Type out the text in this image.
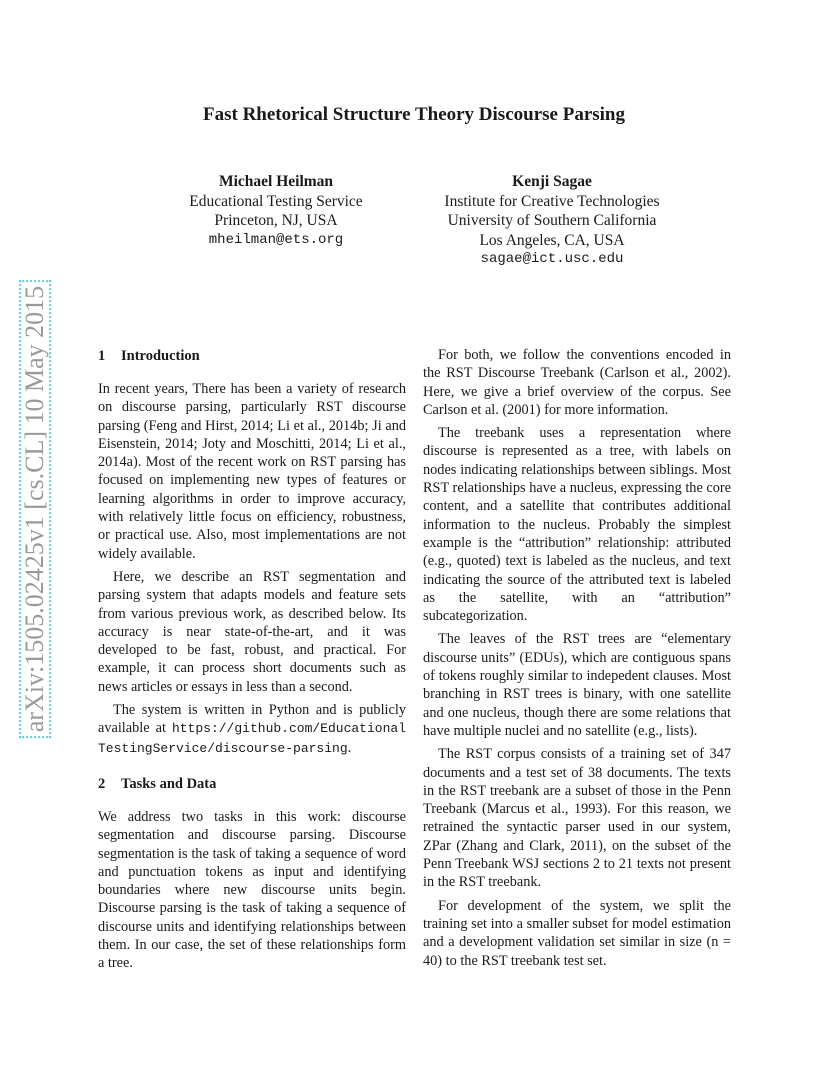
arXiv:1505.02425v1 [cs.CL] 10 May 2015
Fast Rhetorical Structure Theory Discourse Parsing
Michael Heilman
Educational Testing Service
Princeton, NJ, USA
mheilman@ets.org
Kenji Sagae
Institute for Creative Technologies
University of Southern California
Los Angeles, CA, USA
sagae@ict.usc.edu
1 Introduction

In recent years, There has been a variety of research on discourse parsing, particularly RST discourse parsing (Feng and Hirst, 2014; Li et al., 2014b; Ji and Eisenstein, 2014; Joty and Moschitti, 2014; Li et al., 2014a). Most of the recent work on RST parsing has focused on implementing new types of features or learning algorithms in order to improve accuracy, with relatively little focus on efficiency, robustness, or practical use. Also, most implementations are not widely available.

Here, we describe an RST segmentation and parsing system that adapts models and feature sets from various previous work, as described below. Its accuracy is near state-of-the-art, and it was developed to be fast, robust, and practical. For example, it can process short documents such as news articles or essays in less than a second.

The system is written in Python and is publicly available at https://github.com/EducationalTestingService/discourse-parsing.

2 Tasks and Data

We address two tasks in this work: discourse segmentation and discourse parsing. Discourse segmentation is the task of taking a sequence of word and punctuation tokens as input and identifying boundaries where new discourse units begin. Discourse parsing is the task of taking a sequence of discourse units and identifying relationships between them. In our case, the set of these relationships form a tree.

For both, we follow the conventions encoded in the RST Discourse Treebank (Carlson et al., 2002). Here, we give a brief overview of the corpus. See Carlson et al. (2001) for more information.

The treebank uses a representation where discourse is represented as a tree, with labels on nodes indicating relationships between siblings. Most RST relationships have a nucleus, expressing the core content, and a satellite that contributes additional information to the nucleus. Probably the simplest example is the “attribution” relationship: attributed (e.g., quoted) text is labeled as the nucleus, and text indicating the source of the attributed text is labeled as the satellite, with an “attribution” subcategorization.

The leaves of the RST trees are “elementary discourse units” (EDUs), which are contiguous spans of tokens roughly similar to indepedent clauses. Most branching in RST trees is binary, with one satellite and one nucleus, though there are some relations that have multiple nuclei and no satellite (e.g., lists).

The RST corpus consists of a training set of 347 documents and a test set of 38 documents. The texts in the RST treebank are a subset of those in the Penn Treebank (Marcus et al., 1993). For this reason, we retrained the syntactic parser used in our system, ZPar (Zhang and Clark, 2011), on the subset of the Penn Treebank WSJ sections 2 to 21 texts not present in the RST treebank.

For development of the system, we split the training set into a smaller subset for model estimation and a development validation set similar in size (n = 40) to the RST treebank test set.
